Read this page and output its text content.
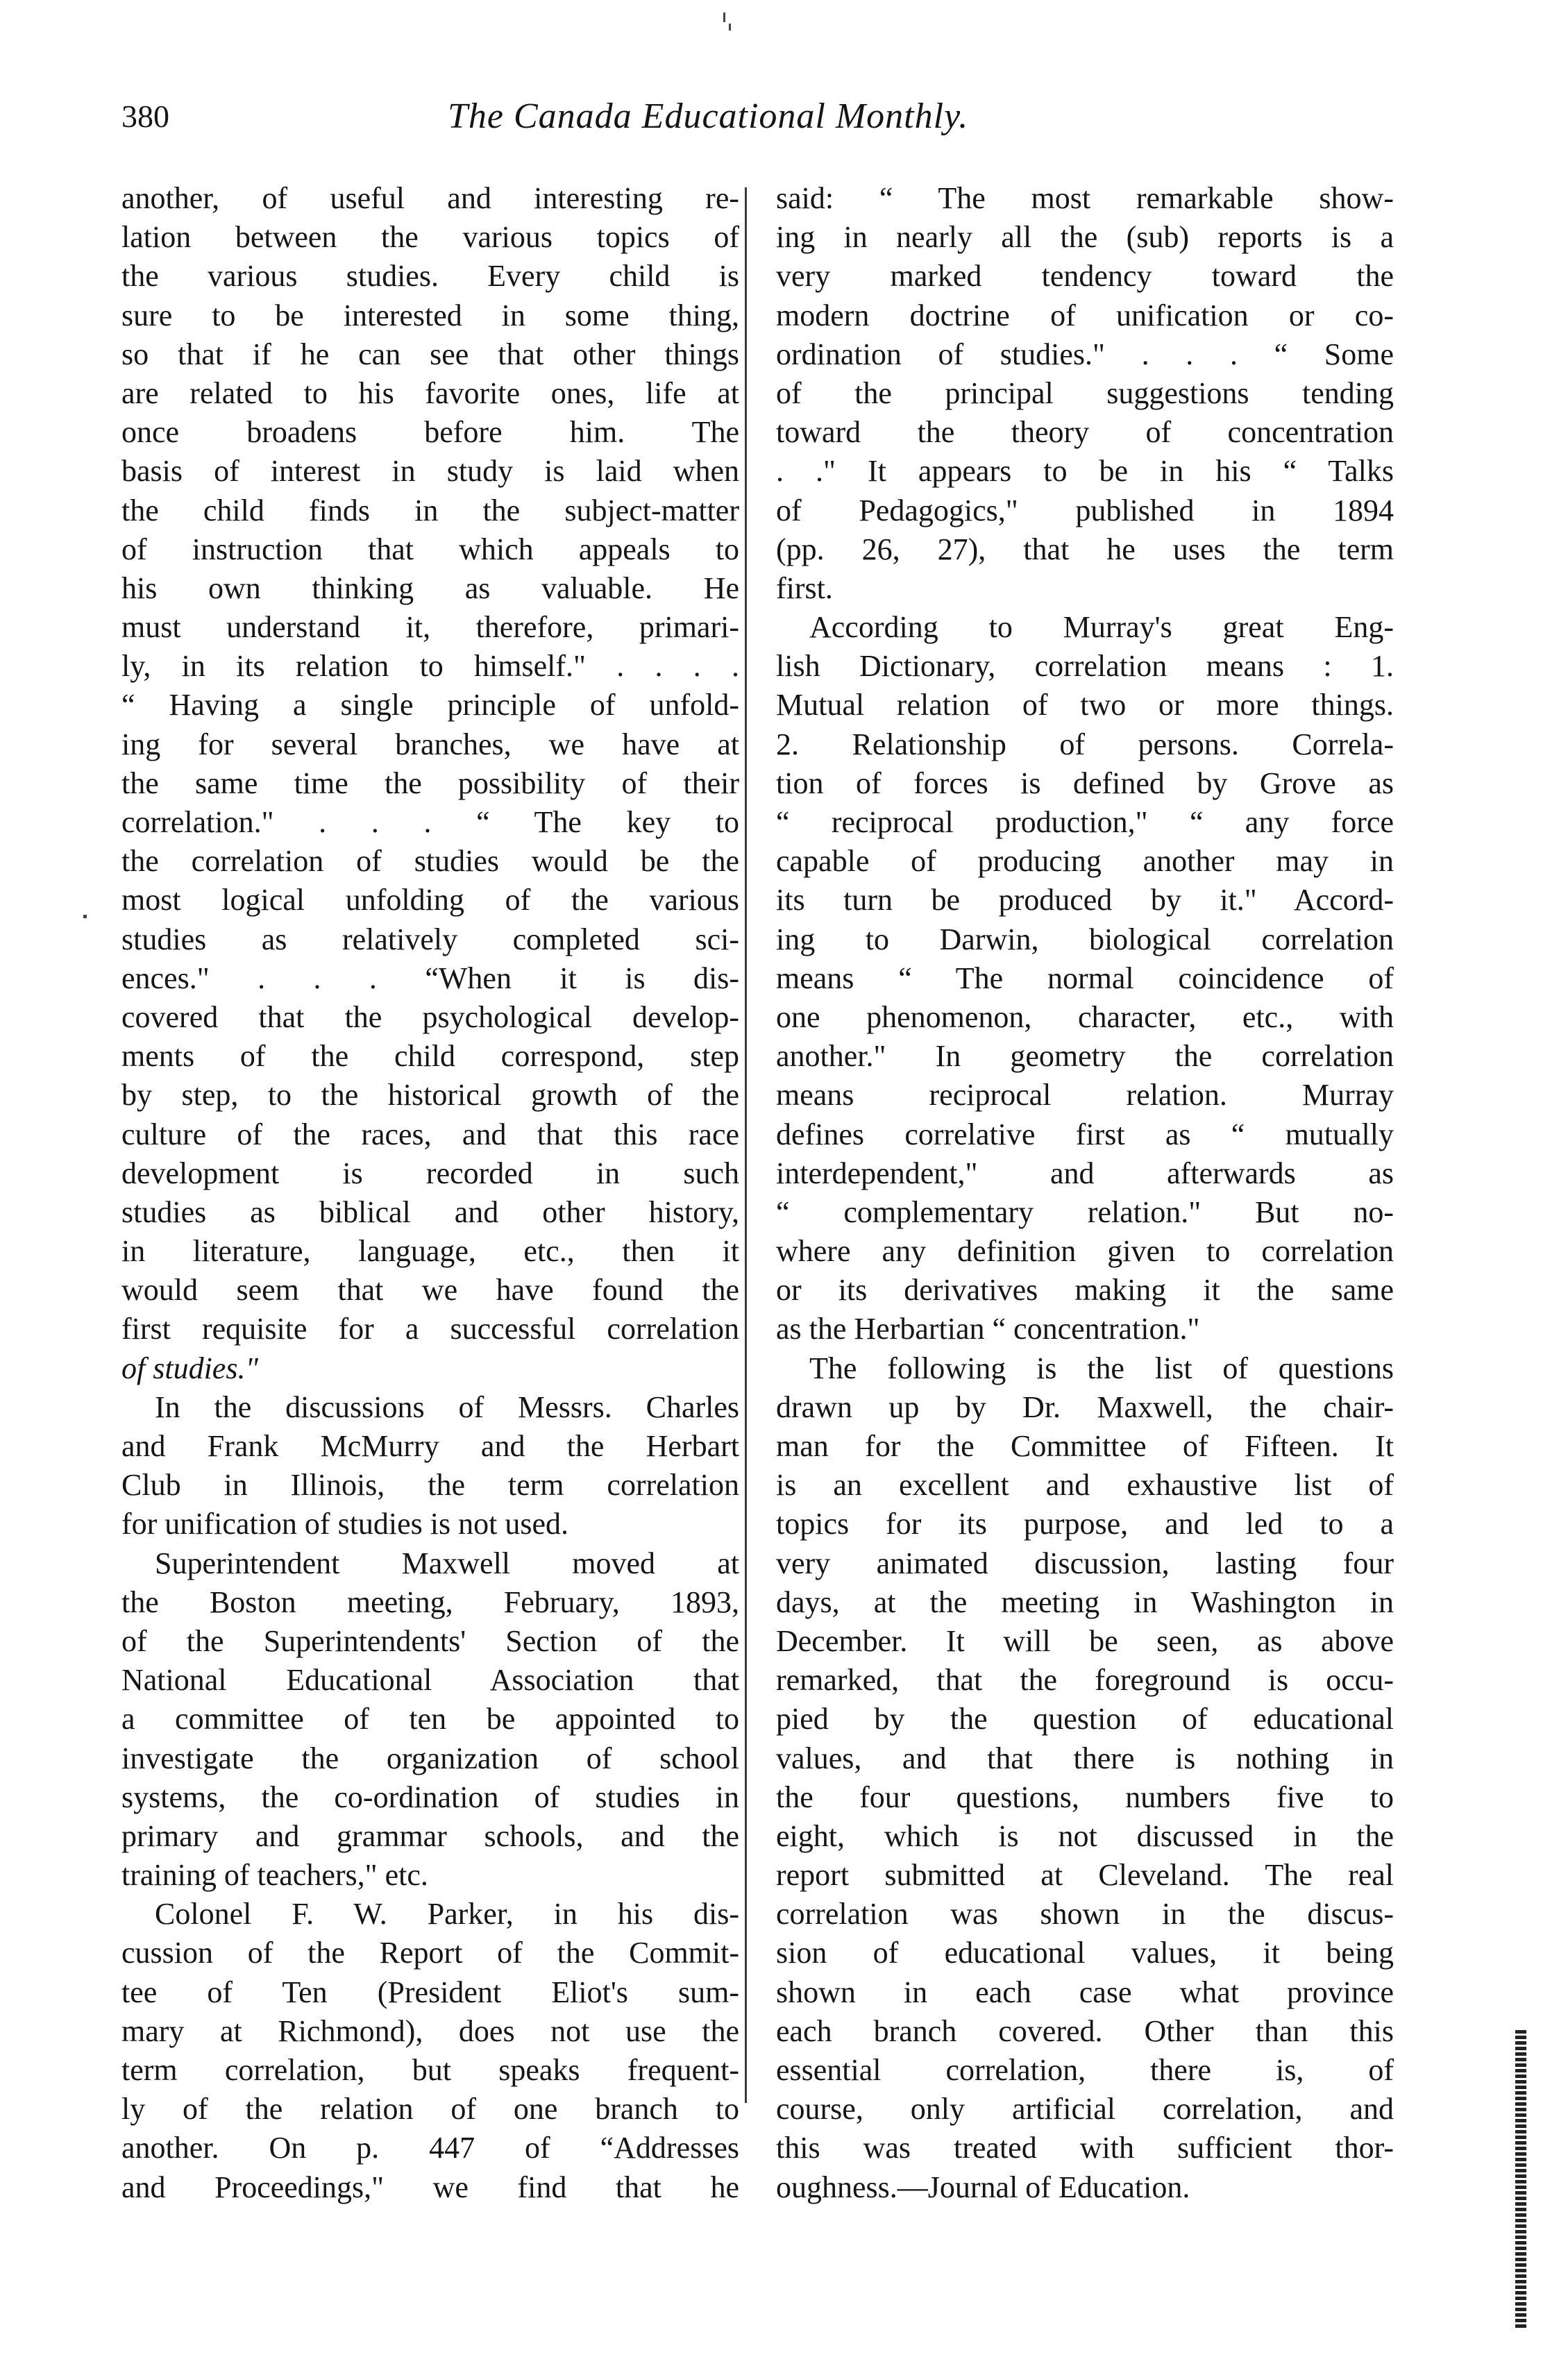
380	The Canada Educational Monthly.
another, of useful and interesting re-
lation between the various topics of
the various studies. Every child is
sure to be interested in some thing,
so that if he can see that other things
are related to his favorite ones, life at
once broadens before him. The
basis of interest in study is laid when
the child finds in the subject-matter
of instruction that which appeals to
his own thinking as valuable. He
must understand it, therefore, primari-
ly, in its relation to himself." . . . .
“ Having a single principle of unfold-
ing for several branches, we have at
the same time the possibility of their
correlation." . . . “ The key to
the correlation of studies would be the
most logical unfolding of the various
studies as relatively completed sci-
ences." . . . “When it is dis-
covered that the psychological develop-
ments of the child correspond, step
by step, to the historical growth of the
culture of the races, and that this race
development is recorded in such
studies as biblical and other history,
in literature, language, etc., then it
would seem that we have found the
first requisite for a successful correlation
of studies."
In the discussions of Messrs. Charles
and Frank McMurry and the Herbart
Club in Illinois, the term correlation
for unification of studies is not used.
Superintendent Maxwell moved at
the Boston meeting, February, 1893,
of the Superintendents' Section of the
National Educational Association that
a committee of ten be appointed to
investigate the organization of school
systems, the co-ordination of studies in
primary and grammar schools, and the
training of teachers," etc.
Colonel F. W. Parker, in his dis-
cussion of the Report of the Commit-
tee of Ten (President Eliot's sum-
mary at Richmond), does not use the
term correlation, but speaks frequent-
ly of the relation of one branch to
another. On p. 447 of “Addresses
and Proceedings," we find that he
said: “ The most remarkable show-
ing in nearly all the (sub) reports is a
very marked tendency toward the
modern doctrine of unification or co-
ordination of studies." . . . “ Some
of the principal suggestions tending
toward the theory of concentration
. ." It appears to be in his “ Talks
of Pedagogics," published in 1894
(pp. 26, 27), that he uses the term
first.
According to Murray's great Eng-
lish Dictionary, correlation means : 1.
Mutual relation of two or more things.
2. Relationship of persons. Correla-
tion of forces is defined by Grove as
“ reciprocal production," “ any force
capable of producing another may in
its turn be produced by it." Accord-
ing to Darwin, biological correlation
means “ The normal coincidence of
one phenomenon, character, etc., with
another." In geometry the correlation
means reciprocal relation. Murray
defines correlative first as “ mutually
interdependent," and afterwards as
“ complementary relation." But no-
where any definition given to correlation
or its derivatives making it the same
as the Herbartian “ concentration."
The following is the list of questions
drawn up by Dr. Maxwell, the chair-
man for the Committee of Fifteen. It
is an excellent and exhaustive list of
topics for its purpose, and led to a
very animated discussion, lasting four
days, at the meeting in Washington in
December. It will be seen, as above
remarked, that the foreground is occu-
pied by the question of educational
values, and that there is nothing in
the four questions, numbers five to
eight, which is not discussed in the
report submitted at Cleveland. The real
correlation was shown in the discus-
sion of educational values, it being
shown in each case what province
each branch covered. Other than this
essential correlation, there is, of
course, only artificial correlation, and
this was treated with sufficient thor-
oughness.—Journal of Education.
